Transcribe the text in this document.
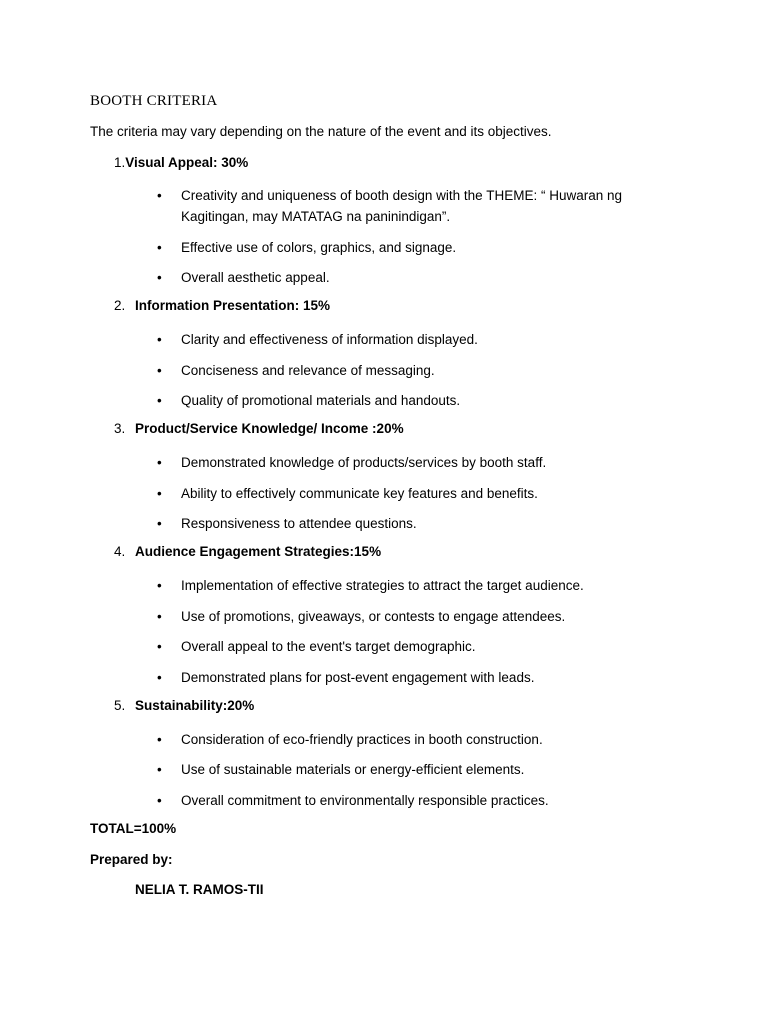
BOOTH CRITERIA
The criteria may vary depending on the nature of the event and its objectives.
1.Visual Appeal: 30%
•	Creativity and uniqueness of booth design with the THEME: “ Huwaran ng Kagitingan, may MATATAG na paninindigan”.
•	Effective use of colors, graphics, and signage.
•	Overall aesthetic appeal.
2. Information Presentation: 15%
•	Clarity and effectiveness of information displayed.
•	Conciseness and relevance of messaging.
•	Quality of promotional materials and handouts.
3. Product/Service Knowledge/ Income :20%
•	Demonstrated knowledge of products/services by booth staff.
•	Ability to effectively communicate key features and benefits.
•	Responsiveness to attendee questions.
4. Audience Engagement Strategies:15%
•	Implementation of effective strategies to attract the target audience.
•	Use of promotions, giveaways, or contests to engage attendees.
•	Overall appeal to the event's target demographic.
•	Demonstrated plans for post-event engagement with leads.
5. Sustainability:20%
•	Consideration of eco-friendly practices in booth construction.
•	Use of sustainable materials or energy-efficient elements.
•	Overall commitment to environmentally responsible practices.
TOTAL=100%
Prepared by:
NELIA T. RAMOS-TII
